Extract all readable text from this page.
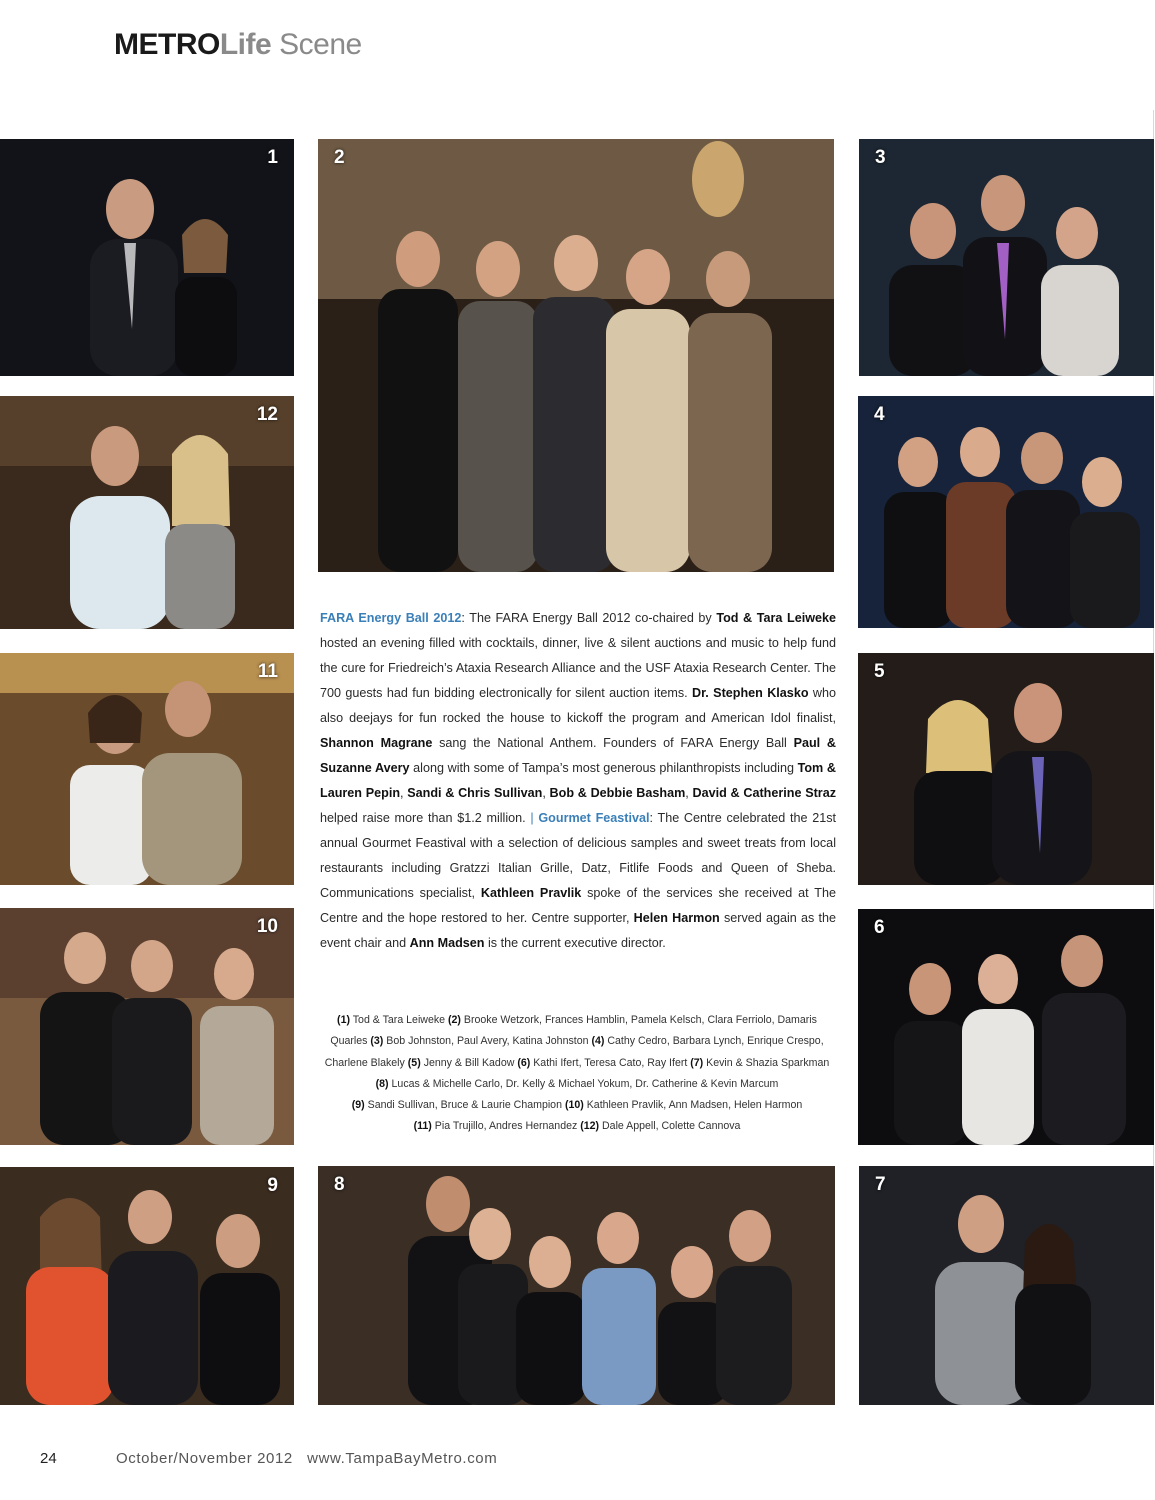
METROLife Scene
1
12
11
10
9
2
FARA Energy Ball 2012: The FARA Energy Ball 2012 co-chaired by Tod & Tara Leiweke hosted an evening filled with cocktails, dinner, live & silent auctions and music to help fund the cure for Friedreich’s Ataxia Research Alliance and the USF Ataxia Research Center. The 700 guests had fun bidding electronically for silent auction items. Dr. Stephen Klasko who also deejays for fun rocked the house to kickoff the program and American Idol finalist, Shannon Magrane sang the National Anthem. Founders of FARA Energy Ball Paul & Suzanne Avery along with some of Tampa’s most generous philanthropists including Tom & Lauren Pepin, Sandi & Chris Sullivan, Bob & Debbie Basham, David & Catherine Straz helped raise more than $1.2 million. | Gourmet Feastival: The Centre celebrated the 21st annual Gourmet Feastival with a selection of delicious samples and sweet treats from local restaurants including Gratzzi Italian Grille, Datz, Fitlife Foods and Queen of Sheba. Communications specialist, Kathleen Pravlik spoke of the services she received at The Centre and the hope restored to her. Centre supporter, Helen Harmon served again as the event chair and Ann Madsen is the current executive director.
(1) Tod & Tara Leiweke (2) Brooke Wetzork, Frances Hamblin, Pamela Kelsch, Clara Ferriolo, Damaris Quarles (3) Bob Johnston, Paul Avery, Katina Johnston (4) Cathy Cedro, Barbara Lynch, Enrique Crespo, Charlene Blakely (5) Jenny & Bill Kadow (6) Kathi Ifert, Teresa Cato, Ray Ifert (7) Kevin & Shazia Sparkman
(8) Lucas & Michelle Carlo, Dr. Kelly & Michael Yokum, Dr. Catherine & Kevin Marcum
(9) Sandi Sullivan, Bruce & Laurie Champion (10) Kathleen Pravlik, Ann Madsen, Helen Harmon
(11) Pia Trujillo, Andres Hernandez (12) Dale Appell, Colette Cannova
8
3
4
5
6
7
24	October/November 2012 www.TampaBayMetro.com
